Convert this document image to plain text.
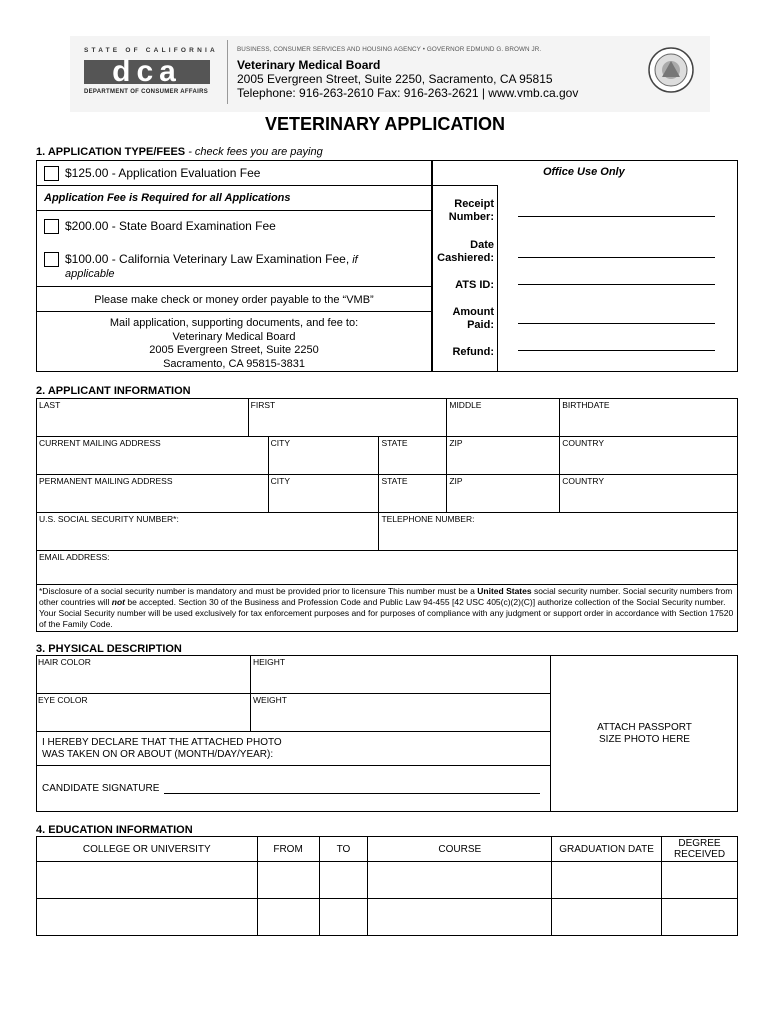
STATE OF CALIFORNIA
dca
DEPARTMENT OF CONSUMER AFFAIRS
BUSINESS, CONSUMER SERVICES AND HOUSING AGENCY • GOVERNOR EDMUND G. BROWN JR.
Veterinary Medical Board
2005 Evergreen Street, Suite 2250, Sacramento, CA 95815
Telephone: 916-263-2610 Fax: 916-263-2621 | www.vmb.ca.gov
VETERINARY APPLICATION
1. APPLICATION TYPE/FEES - check fees you are paying
$125.00 - Application Evaluation Fee
Application Fee is Required for all Applications
$200.00 - State Board Examination Fee
$100.00 - California Veterinary Law Examination Fee, if
applicable
Please make check or money order payable to the “VMB”
Mail application, supporting documents, and fee to:
Veterinary Medical Board
2005 Evergreen Street, Suite 2250
Sacramento, CA 95815-3831
Office Use Only
Receipt
Number:
Date
Cashiered:
ATS ID:
Amount
Paid:
Refund:
2. APPLICANT INFORMATION
LAST	FIRST			MIDDLE	BIRTHDATE
CURRENT MAILING ADDRESS		CITY	STATE	ZIP	COUNTRY
PERMANENT MAILING ADDRESS		CITY	STATE	ZIP	COUNTRY
U.S. SOCIAL SECURITY NUMBER*:			TELEPHONE NUMBER:		
EMAIL ADDRESS:					
*Disclosure of a social security number is mandatory and must be provided prior to licensure This number must be a United States social security number. Social security numbers from other countries will not be accepted. Section 30 of the Business and Profession Code and Public Law 94-455 [42 USC 405(c)(2)(C)] authorize collection of the Social Security number. Your Social Security number will be used exclusively for tax enforcement purposes and for purposes of compliance with any judgment or support order in accordance with Section 17520 of the Family Code.					
3. PHYSICAL DESCRIPTION
HAIR COLOR	HEIGHT
EYE COLOR	WEIGHT
I HEREBY DECLARE THAT THE ATTACHED PHOTO
WAS TAKEN ON OR ABOUT (MONTH/DAY/YEAR):
CANDIDATE SIGNATURE
ATTACH PASSPORT
SIZE PHOTO HERE
4. EDUCATION INFORMATION
COLLEGE OR UNIVERSITY	FROM	TO	COURSE	GRADUATION DATE	DEGREE RECEIVED
